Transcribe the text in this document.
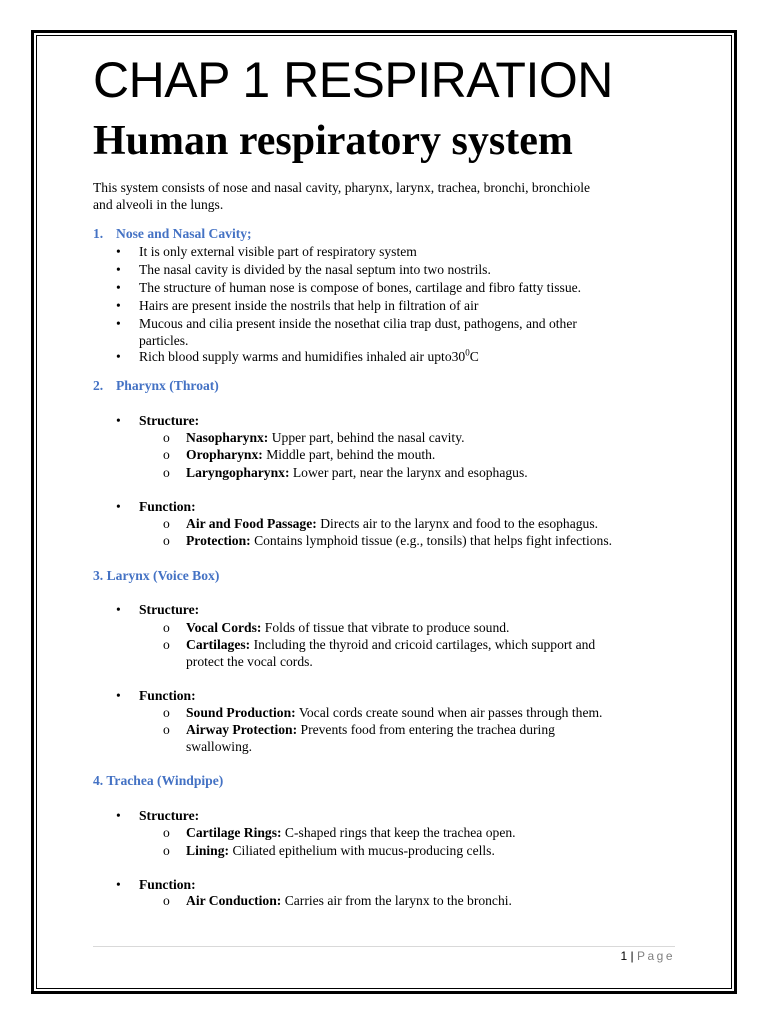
CHAP 1 RESPIRATION
Human respiratory system

This system consists of nose and nasal cavity, pharynx, larynx, trachea, bronchi, bronchiole

and alveoli in the lungs.

1. Nose and Nasal Cavity;
•	It is only external visible part of respiratory system
•	The nasal cavity is divided by the nasal septum into two nostrils.
•	The structure of human nose is compose of bones, cartilage and fibro fatty tissue.
•	Hairs are present inside the nostrils that help in filtration of air
•	Mucous and cilia present inside the nosethat cilia trap dust, pathogens, and other
particles.
•	Rich blood supply warms and humidifies inhaled air $upto30^0C$
2. Pharynx (Throat)
•	Structure:
o Nasopharynx: Upper part, behind the nasal cavity.
o Oropharynx: Middle part, behind the mouth.
o Laryngopharynx: Lower part, near the larynx and esophagus.
•	Function:
o Air and Food Passage: Directs air to the larynx and food to the esophagus.
o Protection: Contains lymphoid tissue (e.g., tonsils) that helps fight infections.
3. Larynx (Voice Box)
•	Structure:
o Vocal Cords: Folds of tissue that vibrate to produce sound.
o Cartilages: Including the thyroid and cricoid cartilages, which support and
protect the vocal cords.
•	Function:
o Sound Production: Vocal cords create sound when air passes through them.
o Airway Protection: Prevents food from entering the trachea during
swallowing.
4. Trachea (Windpipe)
•	Structure:
o Cartilage Rings: C-shaped rings that keep the trachea open.
o Lining: Ciliated epithelium with mucus-producing cells.
•	Function:
o Air Conduction: Carries air from the larynx to the bronchi.
1 | Page
